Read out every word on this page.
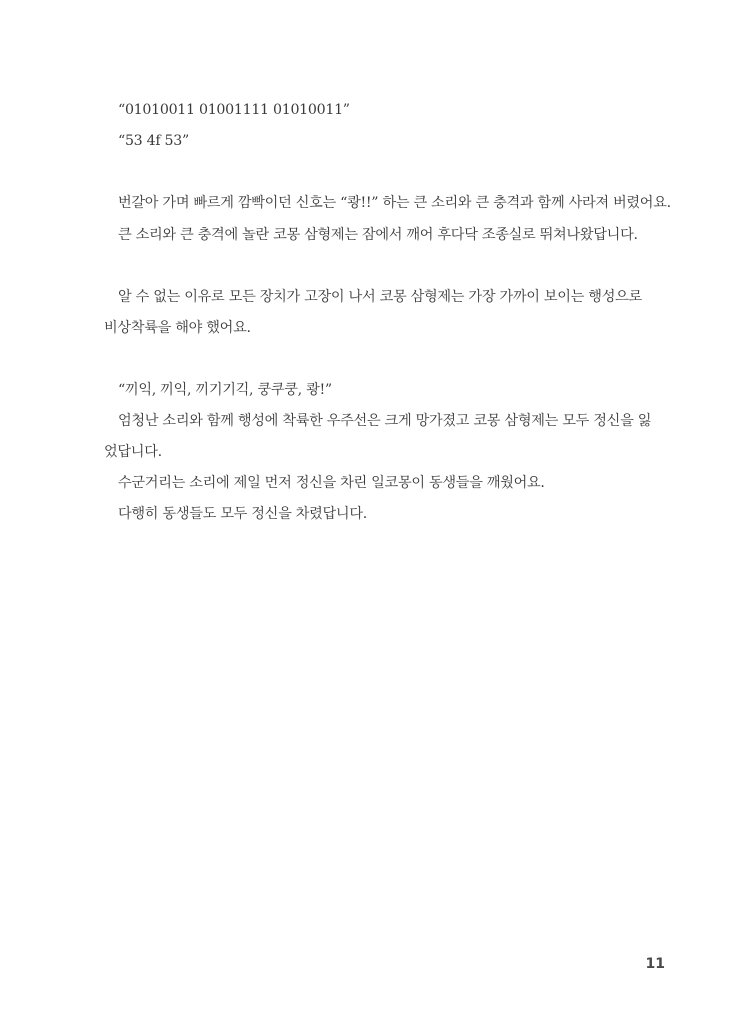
“01010011 01001111 01010011”
“53 4f 53”
번갈아 가며 빠르게 깜빡이던 신호는 “쾅!!” 하는 큰 소리와 큰 충격과 함께 사라져 버렸어요.
큰 소리와 큰 충격에 놀란 코몽 삼형제는 잠에서 깨어 후다닥 조종실로 뛰쳐나왔답니다.
알 수 없는 이유로 모든 장치가 고장이 나서 코몽 삼형제는 가장 가까이 보이는 행성으로
비상착륙을 해야 했어요.
“끼익, 끼익, 끼기기긱, 쿵쿠쿵, 쾅!”
엄청난 소리와 함께 행성에 착륙한 우주선은 크게 망가졌고 코몽 삼형제는 모두 정신을 잃
었답니다.
수군거리는 소리에 제일 먼저 정신을 차린 일코몽이 동생들을 깨웠어요.
다행히 동생들도 모두 정신을 차렸답니다.
11
